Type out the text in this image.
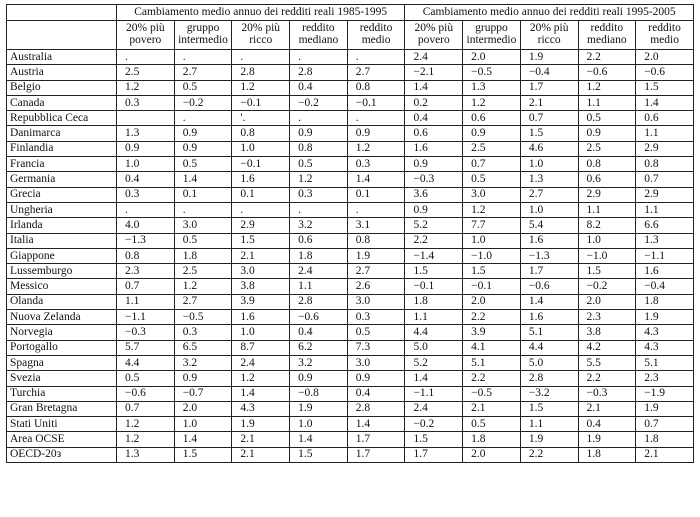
	Cambiamento medio annuo dei redditi reali 1985-1995					Cambiamento medio annuo dei redditi reali 1995-2005				
	20% più povero	gruppo intermedio	20% più ricco	reddito mediano	reddito medio	20% più povero	gruppo intermedio	20% più ricco	reddito mediano	reddito medio
Australia	.	.	.	.	.	2.4	2.0	1.9	2.2	2.0
Austria	2.5	2.7	2.8	2.8	2.7	−2.1	−0.5	−0.4	−0.6	−0.6
Belgio	1.2	0.5	1.2	0.4	0.8	1.4	1.3	1.7	1.2	1.5
Canada	0.3	−0.2	−0.1	−0.2	−0.1	0.2	1.2	2.1	1.1	1.4
Repubblica Ceca		.	'.	.	.	0.4	0.6	0.7	0.5	0.6
Danimarca	1.3	0.9	0.8	0.9	0.9	0.6	0.9	1.5	0.9	1.1
Finlandia	0.9	0.9	1.0	0.8	1.2	1.6	2.5	4.6	2.5	2.9
Francia	1.0	0.5	−0.1	0.5	0.3	0.9	0.7	1.0	0.8	0.8
Germania	0.4	1.4	1.6	1.2	1.4	−0.3	0.5	1.3	0.6	0.7
Grecia	0.3	0.1	0.1	0.3	0.1	3.6	3.0	2.7	2.9	2.9
Ungheria	.	.	.	.	.	0.9	1.2	1.0	1.1	1.1
Irlanda	4.0	3.0	2.9	3.2	3.1	5.2	7.7	5.4	8.2	6.6
Italia	−1.3	0.5	1.5	0.6	0.8	2.2	1.0	1.6	1.0	1.3
Giappone	0.8	1.8	2.1	1.8	1.9	−1.4	−1.0	−1.3	−1.0	−1.1
Lussemburgo	2.3	2.5	3.0	2.4	2.7	1.5	1.5	1.7	1.5	1.6
Messico	0.7	1.2	3.8	1.1	2.6	−0.1	−0.1	−0.6	−0.2	−0.4
Olanda	1.1	2.7	3.9	2.8	3.0	1.8	2.0	1.4	2.0	1.8
Nuova Zelanda	−1.1	−0.5	1.6	−0.6	0.3	1.1	2.2	1.6	2.3	1.9
Norvegia	−0.3	0.3	1.0	0.4	0.5	4.4	3.9	5.1	3.8	4.3
Portogallo	5.7	6.5	8.7	6.2	7.3	5.0	4.1	4.4	4.2	4.3
Spagna	4.4	3.2	2.4	3.2	3.0	5.2	5.1	5.0	5.5	5.1
Svezia	0.5	0.9	1.2	0.9	0.9	1.4	2.2	2.8	2.2	2.3
Turchia	−0.6	−0.7	1.4	−0.8	0.4	−1.1	−0.5	−3.2	−0.3	−1.9
Gran Bretagna	0.7	2.0	4.3	1.9	2.8	2.4	2.1	1.5	2.1	1.9
Stati Uniti	1.2	1.0	1.9	1.0	1.4	−0.2	0.5	1.1	0.4	0.7
Area OCSE	1.2	1.4	2.1	1.4	1.7	1.5	1.8	1.9	1.9	1.8
OECD-20з	1.3	1.5	2.1	1.5	1.7	1.7	2.0	2.2	1.8	2.1
